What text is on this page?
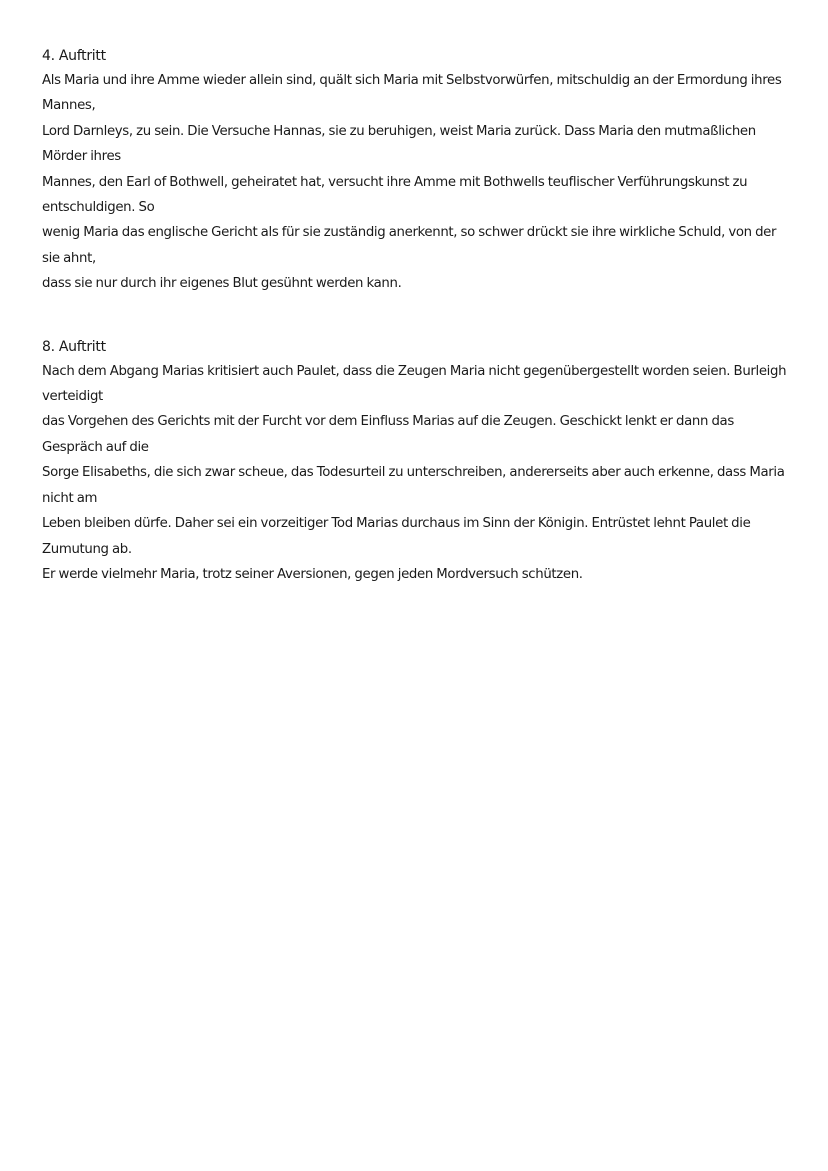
4. Auftritt

Als Maria und ihre Amme wieder allein sind, quält sich Maria mit Selbstvorwürfen, mitschuldig an der Ermordung ihres Mannes,
Lord Darnleys, zu sein. Die Versuche Hannas, sie zu beruhigen, weist Maria zurück. Dass Maria den mutmaßlichen Mörder ihres
Mannes, den Earl of Bothwell, geheiratet hat, versucht ihre Amme mit Bothwells teuflischer Verführungskunst zu entschuldigen. So
wenig Maria das englische Gericht als für sie zuständig anerkennt, so schwer drückt sie ihre wirkliche Schuld, von der sie ahnt,
dass sie nur durch ihr eigenes Blut gesühnt werden kann.

8. Auftritt

Nach dem Abgang Marias kritisiert auch Paulet, dass die Zeugen Maria nicht gegenübergestellt worden seien. Burleigh verteidigt
das Vorgehen des Gerichts mit der Furcht vor dem Einfluss Marias auf die Zeugen. Geschickt lenkt er dann das Gespräch auf die
Sorge Elisabeths, die sich zwar scheue, das Todesurteil zu unterschreiben, andererseits aber auch erkenne, dass Maria nicht am
Leben bleiben dürfe. Daher sei ein vorzeitiger Tod Marias durchaus im Sinn der Königin. Entrüstet lehnt Paulet die Zumutung ab.
Er werde vielmehr Maria, trotz seiner Aversionen, gegen jeden Mordversuch schützen.
